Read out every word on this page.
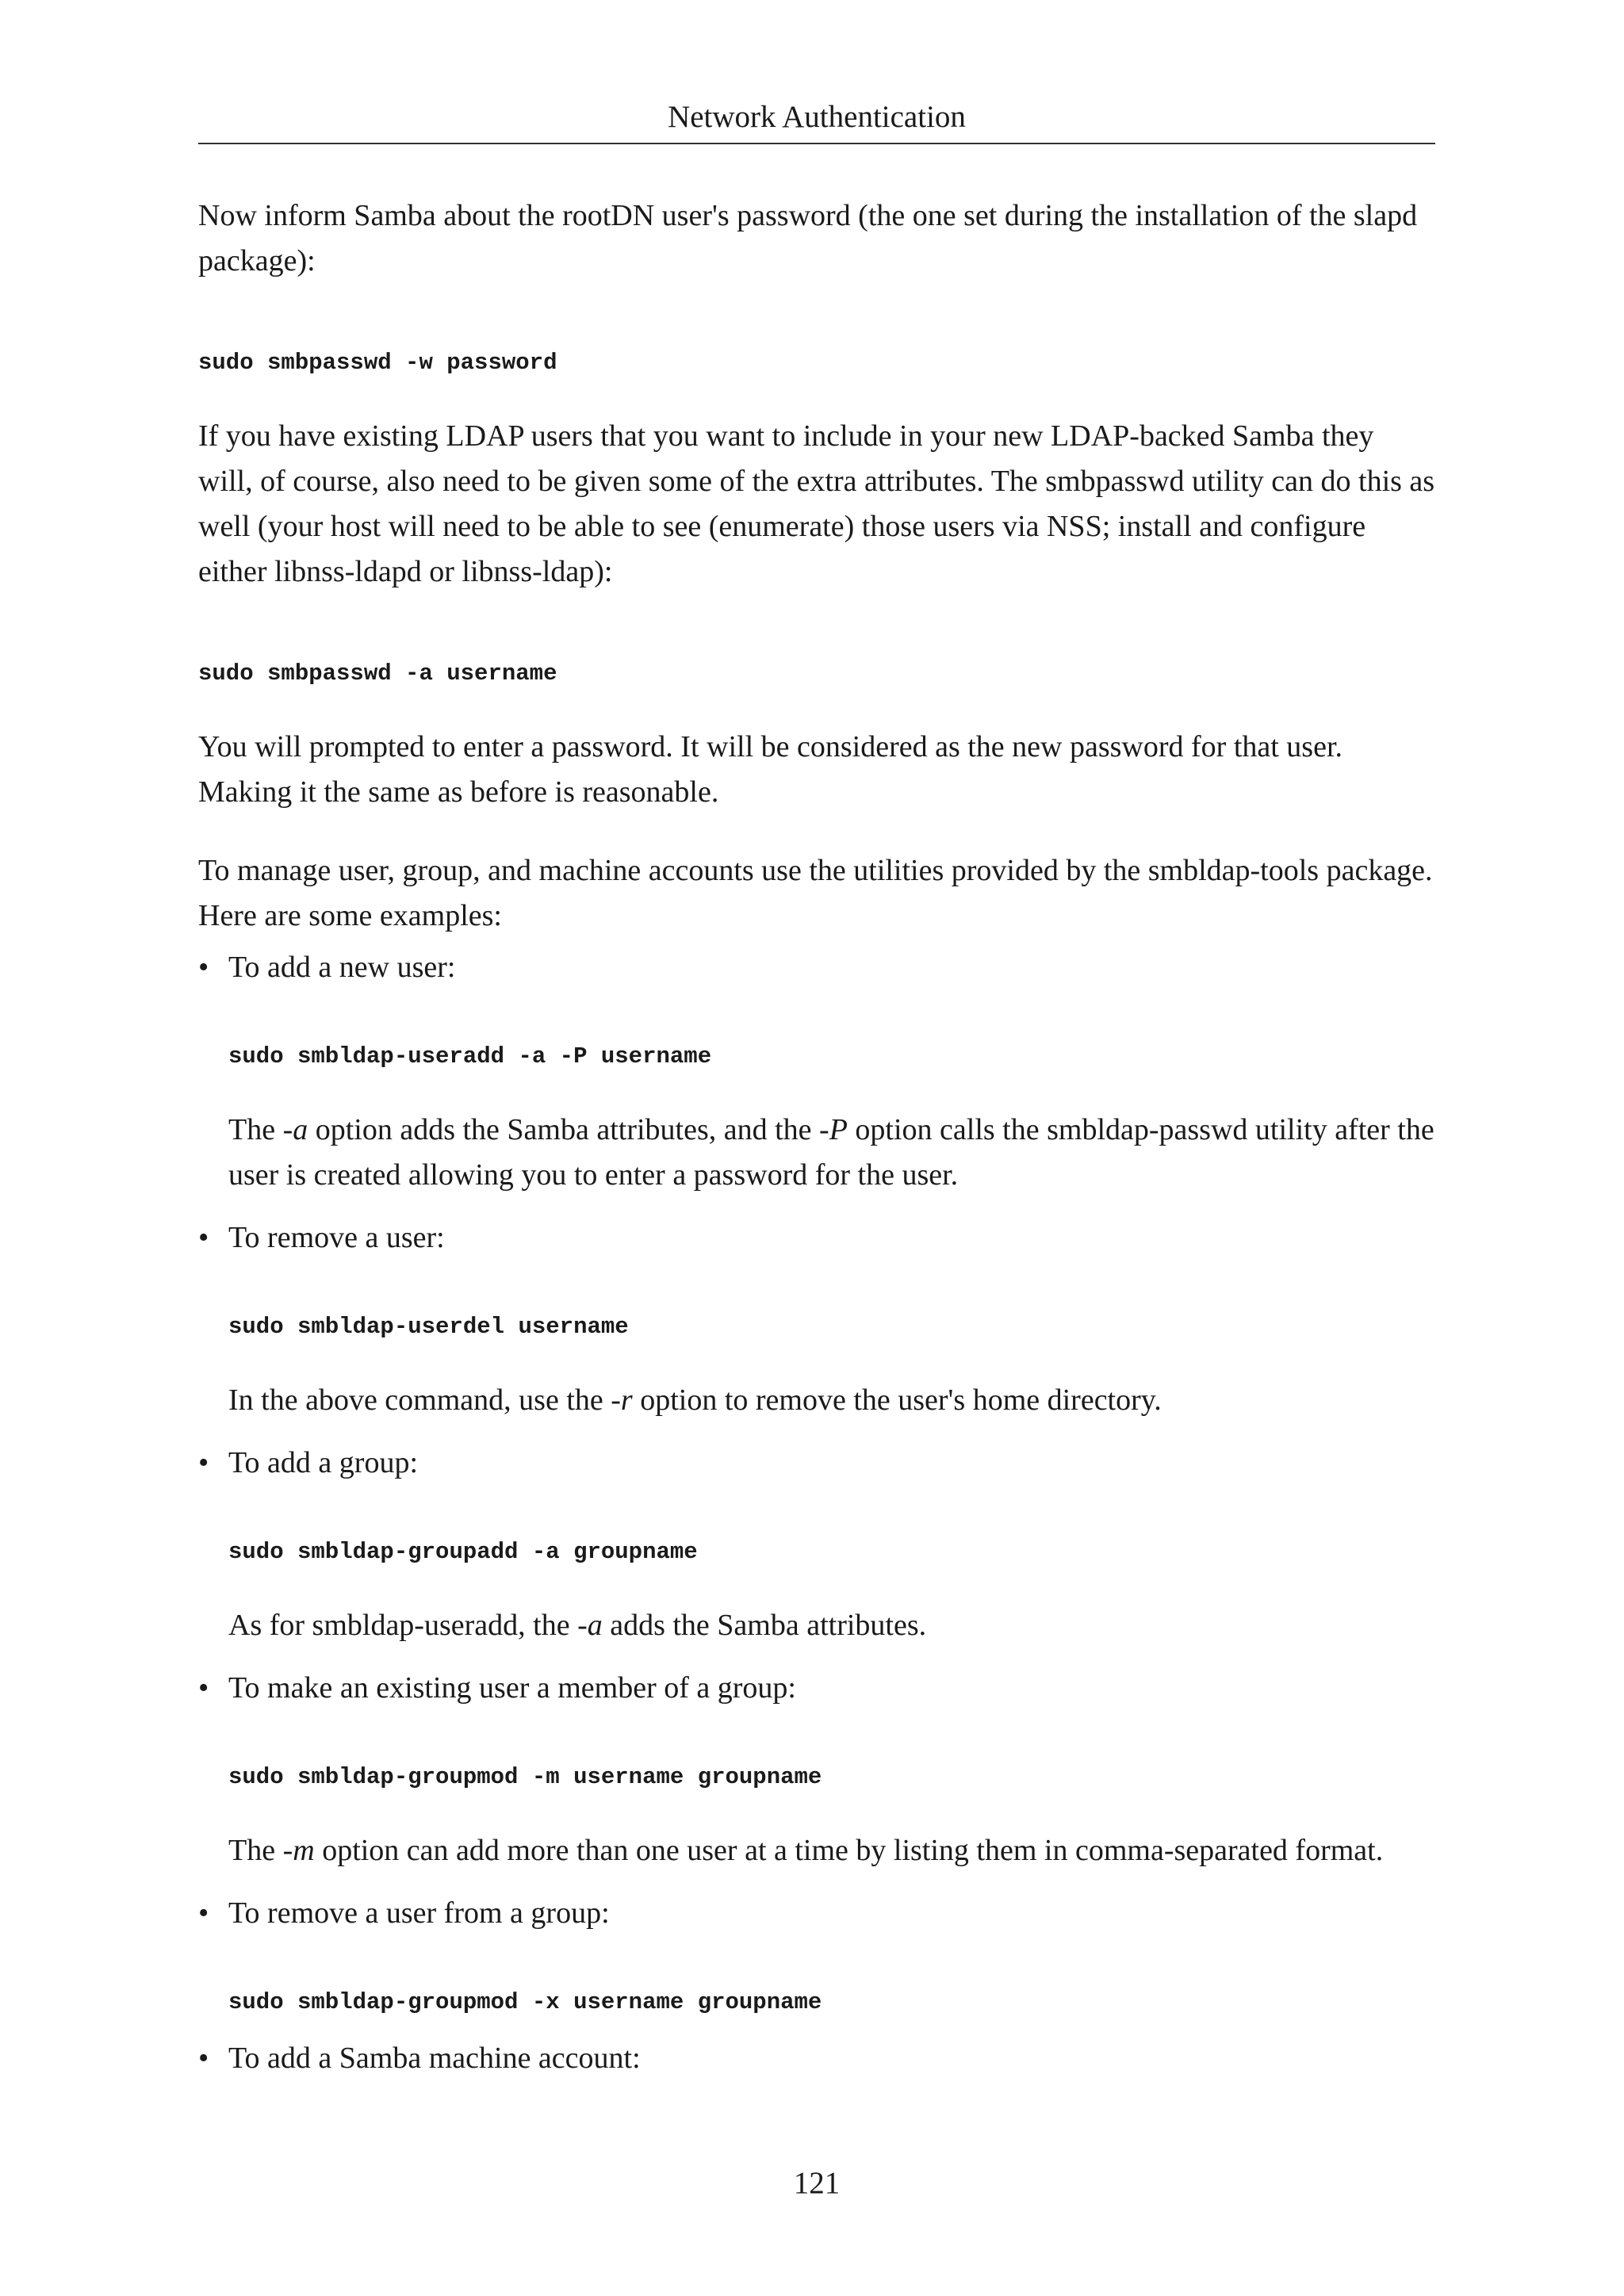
Network Authentication

Now inform Samba about the rootDN user's password (the one set during the installation of the slapd package):

sudo smbpasswd -w password

If you have existing LDAP users that you want to include in your new LDAP-backed Samba they will, of course, also need to be given some of the extra attributes. The smbpasswd utility can do this as well (your host will need to be able to see (enumerate) those users via NSS; install and configure either libnss-ldapd or libnss-ldap):

sudo smbpasswd -a username

You will prompted to enter a password. It will be considered as the new password for that user. Making it the same as before is reasonable.

To manage user, group, and machine accounts use the utilities provided by the smbldap-tools package. Here are some examples:

• To add a new user:

sudo smbldap-useradd -a -P username

The -a option adds the Samba attributes, and the -P option calls the smbldap-passwd utility after the user is created allowing you to enter a password for the user.

• To remove a user:

sudo smbldap-userdel username

In the above command, use the -r option to remove the user's home directory.

• To add a group:

sudo smbldap-groupadd -a groupname

As for smbldap-useradd, the -a adds the Samba attributes.

• To make an existing user a member of a group:

sudo smbldap-groupmod -m username groupname

The -m option can add more than one user at a time by listing them in comma-separated format.

• To remove a user from a group:

sudo smbldap-groupmod -x username groupname
• To add a Samba machine account:

121
